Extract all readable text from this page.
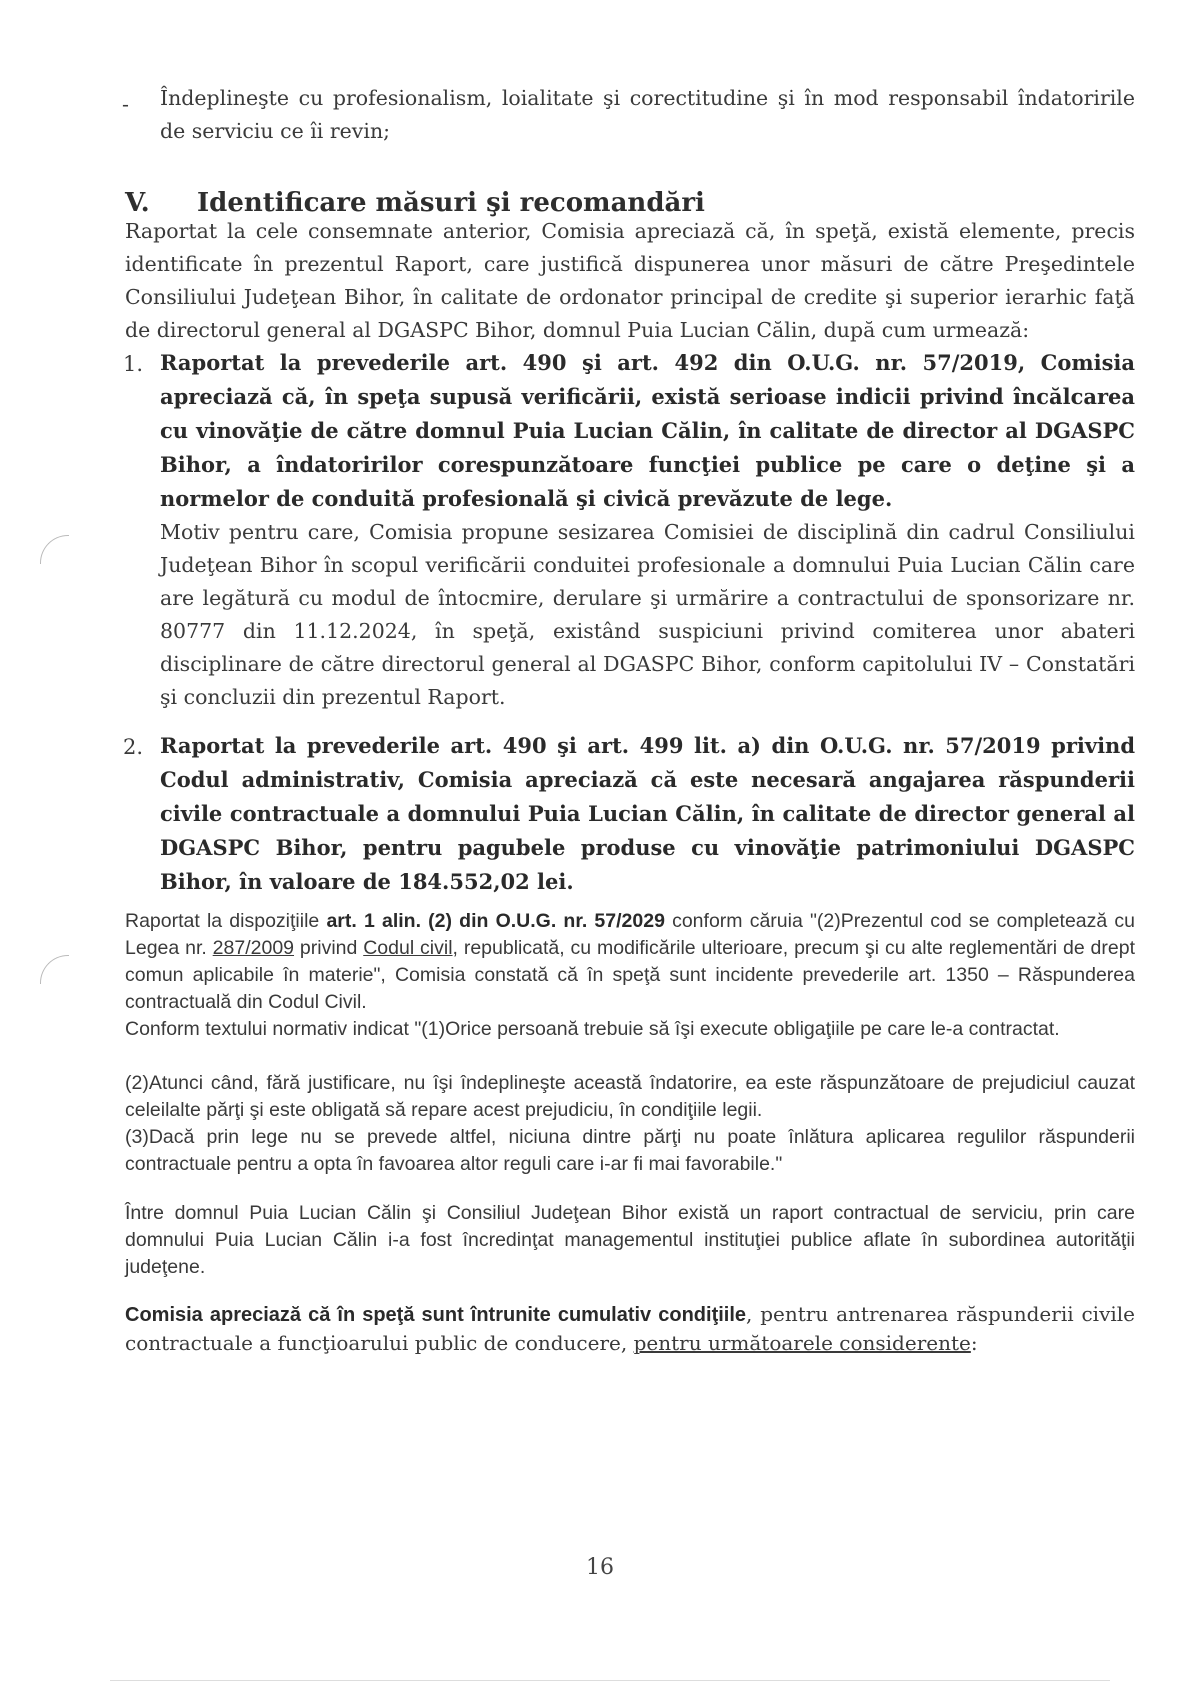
- Îndeplineşte cu profesionalism, loialitate şi corectitudine şi în mod responsabil îndatoririle de serviciu ce îi revin;
V. Identificare măsuri şi recomandări
Raportat la cele consemnate anterior, Comisia apreciază că, în speţă, există elemente, precis identificate în prezentul Raport, care justifică dispunerea unor măsuri de către Preşedintele Consiliului Judeţean Bihor, în calitate de ordonator principal de credite şi superior ierarhic faţă de directorul general al DGASPC Bihor, domnul Puia Lucian Călin, după cum urmează:
1. Raportat la prevederile art. 490 şi art. 492 din O.U.G. nr. 57/2019, Comisia apreciază că, în speţa supusă verificării, există serioase indicii privind încălcarea cu vinovăţie de către domnul Puia Lucian Călin, în calitate de director al DGASPC Bihor, a îndatoririlor corespunzătoare funcţiei publice pe care o deţine şi a normelor de conduită profesională şi civică prevăzute de lege.
Motiv pentru care, Comisia propune sesizarea Comisiei de disciplină din cadrul Consiliului Judeţean Bihor în scopul verificării conduitei profesionale a domnului Puia Lucian Călin care are legătură cu modul de întocmire, derulare şi urmărire a contractului de sponsorizare nr. 80777 din 11.12.2024, în speţă, existând suspiciuni privind comiterea unor abateri disciplinare de către directorul general al DGASPC Bihor, conform capitolului IV – Constatări şi concluzii din prezentul Raport.
2. Raportat la prevederile art. 490 şi art. 499 lit. a) din O.U.G. nr. 57/2019 privind Codul administrativ, Comisia apreciază că este necesară angajarea răspunderii civile contractuale a domnului Puia Lucian Călin, în calitate de director general al DGASPC Bihor, pentru pagubele produse cu vinovăţie patrimoniului DGASPC Bihor, în valoare de 184.552,02 lei.
Raportat la dispoziţiile art. 1 alin. (2) din O.U.G. nr. 57/2029 conform căruia "(2)Prezentul cod se completează cu Legea nr. 287/2009 privind Codul civil, republicată, cu modificările ulterioare, precum şi cu alte reglementări de drept comun aplicabile în materie", Comisia constată că în speţă sunt incidente prevederile art. 1350 – Răspunderea contractuală din Codul Civil.
Conform textului normativ indicat "(1)Orice persoană trebuie să îşi execute obligaţiile pe care le-a contractat.
(2)Atunci când, fără justificare, nu îşi îndeplineşte această îndatorire, ea este răspunzătoare de prejudiciul cauzat celeilalte părţi şi este obligată să repare acest prejudiciu, în condiţiile legii.
(3)Dacă prin lege nu se prevede altfel, niciuna dintre părţi nu poate înlătura aplicarea regulilor răspunderii contractuale pentru a opta în favoarea altor reguli care i-ar fi mai favorabile."
Între domnul Puia Lucian Călin şi Consiliul Judeţean Bihor există un raport contractual de serviciu, prin care domnului Puia Lucian Călin i-a fost încredinţat managementul instituţiei publice aflate în subordinea autorităţii judeţene.
Comisia apreciază că în speţă sunt întrunite cumulativ condiţiile, pentru antrenarea răspunderii civile contractuale a funcţioarului public de conducere, pentru următoarele considerente:
16
